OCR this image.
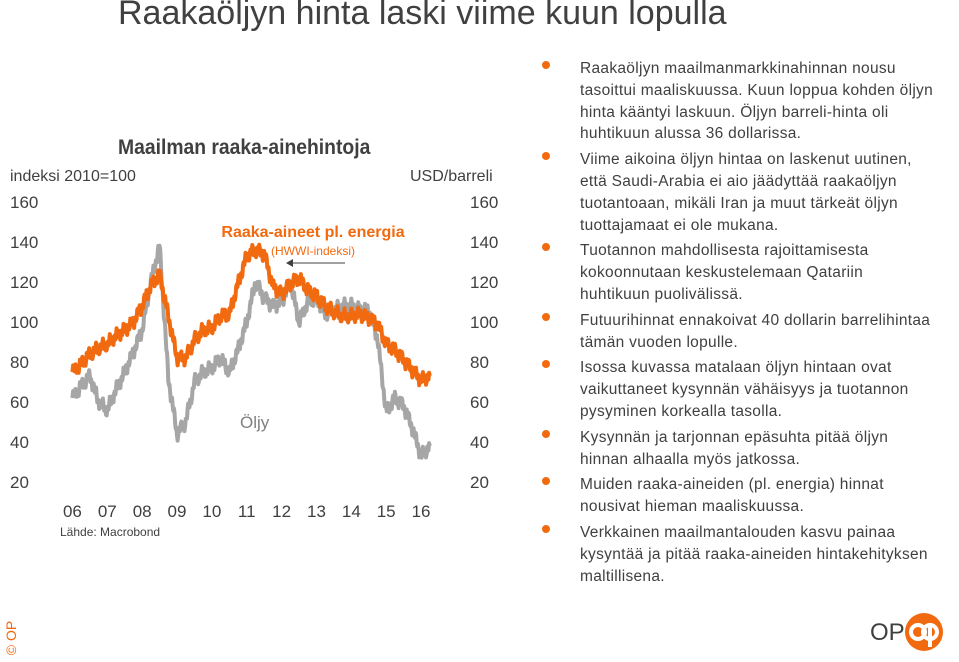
Raakaöljyn hinta laski viime kuun lopulla
Maailman raaka-ainehintoja
indeksi 2010=100	USD/barreli
160	160
140	140
120	120
100	100
80	80
60	60
40	40
20	20
06 07 08 09 10 11 12 13 14 15 16
Raaka-aineet pl. energia
(HWWI-indeksi)
Öljy
Lähde: Macrobond
Raakaöljyn maailmanmarkkinahinnan nousu tasoittui maaliskuussa. Kuun loppua kohden öljyn hinta kääntyi laskuun. Öljyn barreli-hinta oli huhtikuun alussa 36 dollarissa.
Viime aikoina öljyn hintaa on laskenut uutinen, että Saudi-Arabia ei aio jäädyttää raakaöljyn tuotantoaan, mikäli Iran ja muut tärkeät öljyn tuottajamaat ei ole mukana.
Tuotannon mahdollisesta rajoittamisesta kokoonnutaan keskustelemaan Qatariin huhtikuun puolivälissä.
Futuurihinnat ennakoivat 40 dollarin barrelihintaa tämän vuoden lopulle.
Isossa kuvassa matalaan öljyn hintaan ovat vaikuttaneet kysynnän vähäisyys ja tuotannon pysyminen korkealla tasolla.
Kysynnän ja tarjonnan epäsuhta pitää öljyn hinnan alhaalla myös jatkossa.
Muiden raaka-aineiden (pl. energia) hinnat nousivat hieman maaliskuussa.
Verkkainen maailmantalouden kasvu painaa kysyntää ja pitää raaka-aineiden hintakehityksen maltillisena.
© OP	OP
